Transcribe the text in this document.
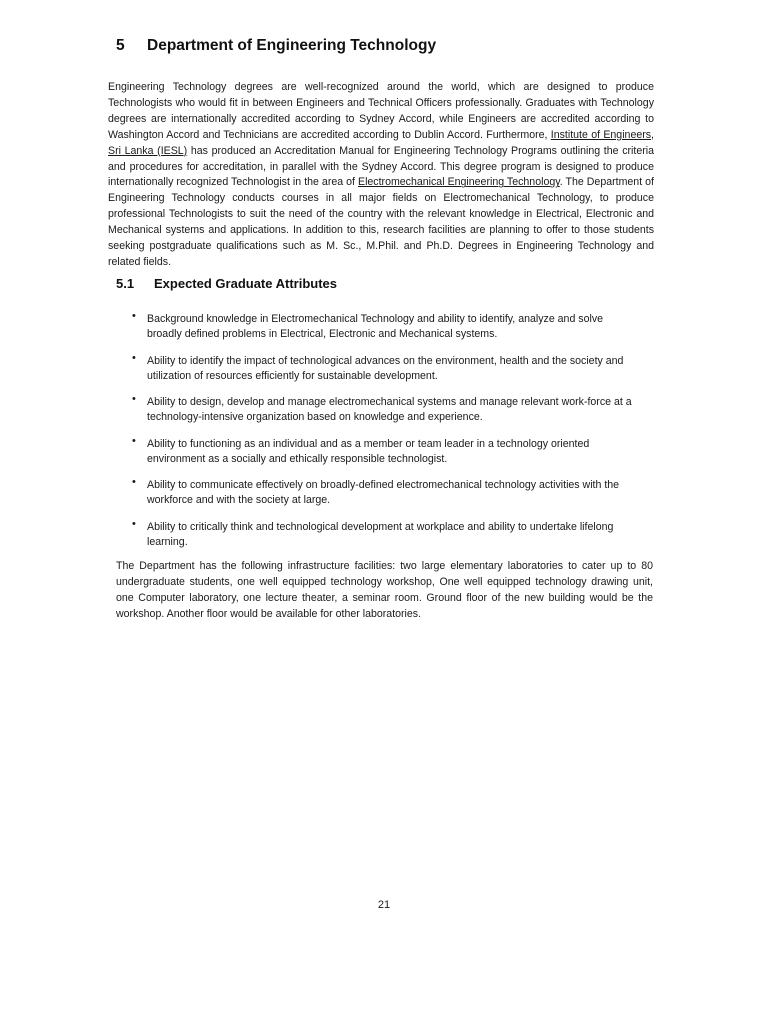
5 Department of Engineering Technology

Engineering Technology degrees are well-recognized around the world, which are designed to produce Technologists who would fit in between Engineers and Technical Officers professionally. Graduates with Technology degrees are internationally accredited according to Sydney Accord, while Engineers are accredited according to Washington Accord and Technicians are accredited according to Dublin Accord. Furthermore, Institute of Engineers, Sri Lanka (IESL) has produced an Accreditation Manual for Engineering Technology Programs outlining the criteria and procedures for accreditation, in parallel with the Sydney Accord. This degree program is designed to produce internationally recognized Technologist in the area of Electromechanical Engineering Technology. The Department of Engineering Technology conducts courses in all major fields on Electromechanical Technology, to produce professional Technologists to suit the need of the country with the relevant knowledge in Electrical, Electronic and Mechanical systems and applications. In addition to this, research facilities are planning to offer to those students seeking postgraduate qualifications such as M. Sc., M.Phil. and Ph.D. Degrees in Engineering Technology and related fields.

5.1 Expected Graduate Attributes
• Background knowledge in Electromechanical Technology and ability to identify, analyze and solve broadly defined problems in Electrical, Electronic and Mechanical systems.
• Ability to identify the impact of technological advances on the environment, health and the society and utilization of resources efficiently for sustainable development.
• Ability to design, develop and manage electromechanical systems and manage relevant work-force at a technology-intensive organization based on knowledge and experience.
• Ability to functioning as an individual and as a member or team leader in a technology oriented environment as a socially and ethically responsible technologist.
• Ability to communicate effectively on broadly-defined electromechanical technology activities with the workforce and with the society at large.
• Ability to critically think and technological development at workplace and ability to undertake lifelong learning.

The Department has the following infrastructure facilities: two large elementary laboratories to cater up to 80 undergraduate students, one well equipped technology workshop, One well equipped technology drawing unit, one Computer laboratory, one lecture theater, a seminar room. Ground floor of the new building would be the workshop. Another floor would be available for other laboratories.

21
